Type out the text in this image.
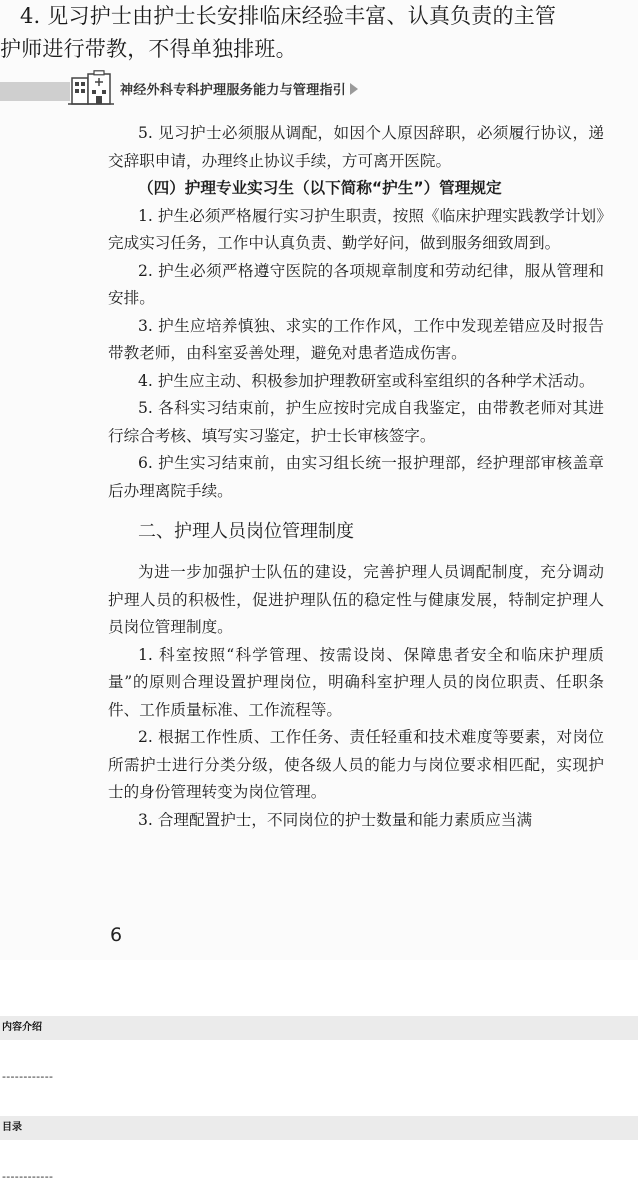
4. 见习护士由护士长安排临床经验丰富、认真负责的主管
护师进行带教，不得单独排班。
神经外科专科护理服务能力与管理指引

5. 见习护士必须服从调配，如因个人原因辞职，必须履行协议，递交辞职申请，办理终止协议手续，方可离开医院。

（四）护理专业实习生（以下简称“护生”）管理规定

1. 护生必须严格履行实习护生职责，按照《临床护理实践教学计划》完成实习任务，工作中认真负责、勤学好问，做到服务细致周到。

2. 护生必须严格遵守医院的各项规章制度和劳动纪律，服从管理和安排。

3. 护生应培养慎独、求实的工作作风，工作中发现差错应及时报告带教老师，由科室妥善处理，避免对患者造成伤害。

4. 护生应主动、积极参加护理教研室或科室组织的各种学术活动。

5. 各科实习结束前，护生应按时完成自我鉴定，由带教老师对其进行综合考核、填写实习鉴定，护士长审核签字。

6. 护生实习结束前，由实习组长统一报护理部，经护理部审核盖章后办理离院手续。

二、护理人员岗位管理制度

为进一步加强护士队伍的建设，完善护理人员调配制度，充分调动护理人员的积极性，促进护理队伍的稳定性与健康发展，特制定护理人员岗位管理制度。

1. 科室按照“科学管理、按需设岗、保障患者安全和临床护理质量”的原则合理设置护理岗位，明确科室护理人员的岗位职责、任职条件、工作质量标准、工作流程等。

2. 根据工作性质、工作任务、责任轻重和技术难度等要素，对岗位所需护士进行分类分级，使各级人员的能力与岗位要求相匹配，实现护士的身份管理转变为岗位管理。

3. 合理配置护士，不同岗位的护士数量和能力素质应当满

6
内容介绍
------------
目录
------------
